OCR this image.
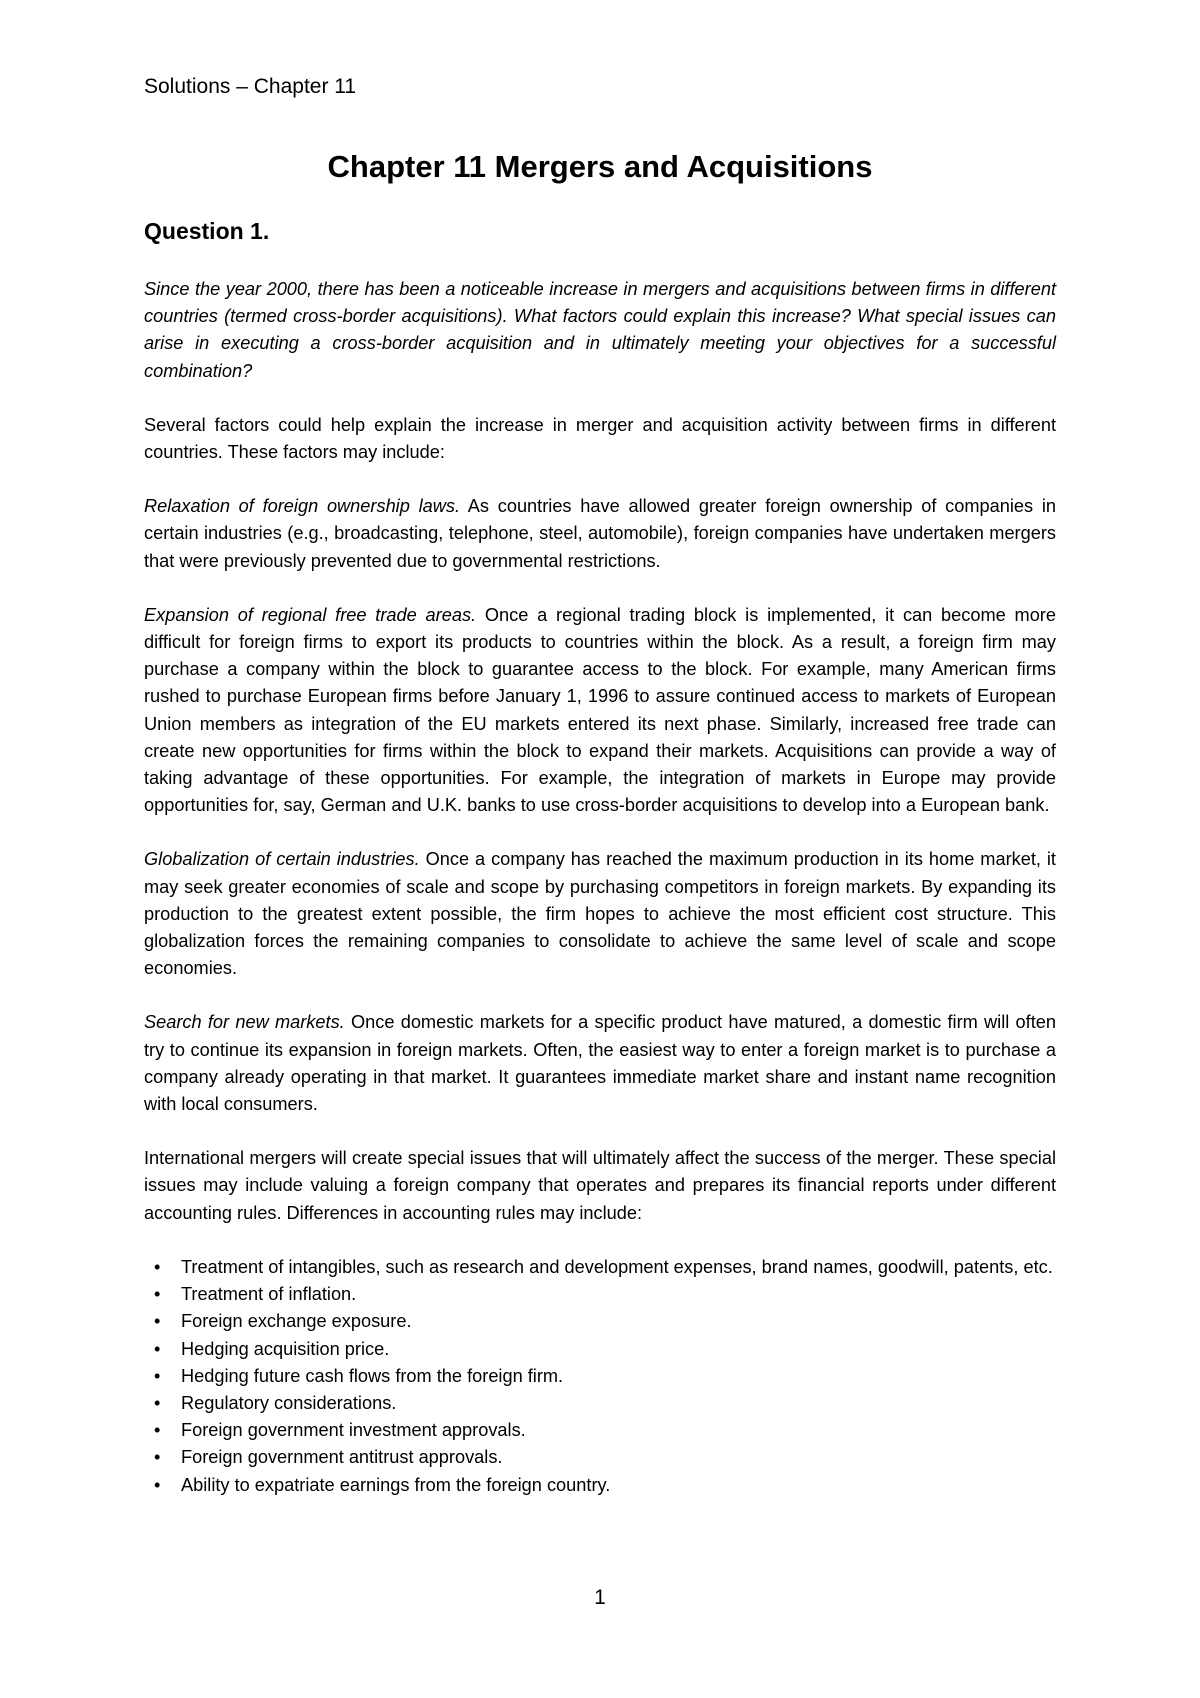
Solutions – Chapter 11
Chapter 11 Mergers and Acquisitions
Question 1.

Since the year 2000, there has been a noticeable increase in mergers and acquisitions between firms in different countries (termed cross-border acquisitions). What factors could explain this increase? What special issues can arise in executing a cross-border acquisition and in ultimately meeting your objectives for a successful combination?

Several factors could help explain the increase in merger and acquisition activity between firms in different countries. These factors may include:

Relaxation of foreign ownership laws. As countries have allowed greater foreign ownership of companies in certain industries (e.g., broadcasting, telephone, steel, automobile), foreign companies have undertaken mergers that were previously prevented due to governmental restrictions.

Expansion of regional free trade areas. Once a regional trading block is implemented, it can become more difficult for foreign firms to export its products to countries within the block. As a result, a foreign firm may purchase a company within the block to guarantee access to the block. For example, many American firms rushed to purchase European firms before January 1, 1996 to assure continued access to markets of European Union members as integration of the EU markets entered its next phase. Similarly, increased free trade can create new opportunities for firms within the block to expand their markets. Acquisitions can provide a way of taking advantage of these opportunities. For example, the integration of markets in Europe may provide opportunities for, say, German and U.K. banks to use cross-border acquisitions to develop into a European bank.

Globalization of certain industries. Once a company has reached the maximum production in its home market, it may seek greater economies of scale and scope by purchasing competitors in foreign markets. By expanding its production to the greatest extent possible, the firm hopes to achieve the most efficient cost structure. This globalization forces the remaining companies to consolidate to achieve the same level of scale and scope economies.

Search for new markets. Once domestic markets for a specific product have matured, a domestic firm will often try to continue its expansion in foreign markets. Often, the easiest way to enter a foreign market is to purchase a company already operating in that market. It guarantees immediate market share and instant name recognition with local consumers.

International mergers will create special issues that will ultimately affect the success of the merger. These special issues may include valuing a foreign company that operates and prepares its financial reports under different accounting rules. Differences in accounting rules may include:

• Treatment of intangibles, such as research and development expenses, brand names, goodwill, patents, etc.
• Treatment of inflation.
• Foreign exchange exposure.
• Hedging acquisition price.
• Hedging future cash flows from the foreign firm.
• Regulatory considerations.
• Foreign government investment approvals.
• Foreign government antitrust approvals.
• Ability to expatriate earnings from the foreign country.
1
